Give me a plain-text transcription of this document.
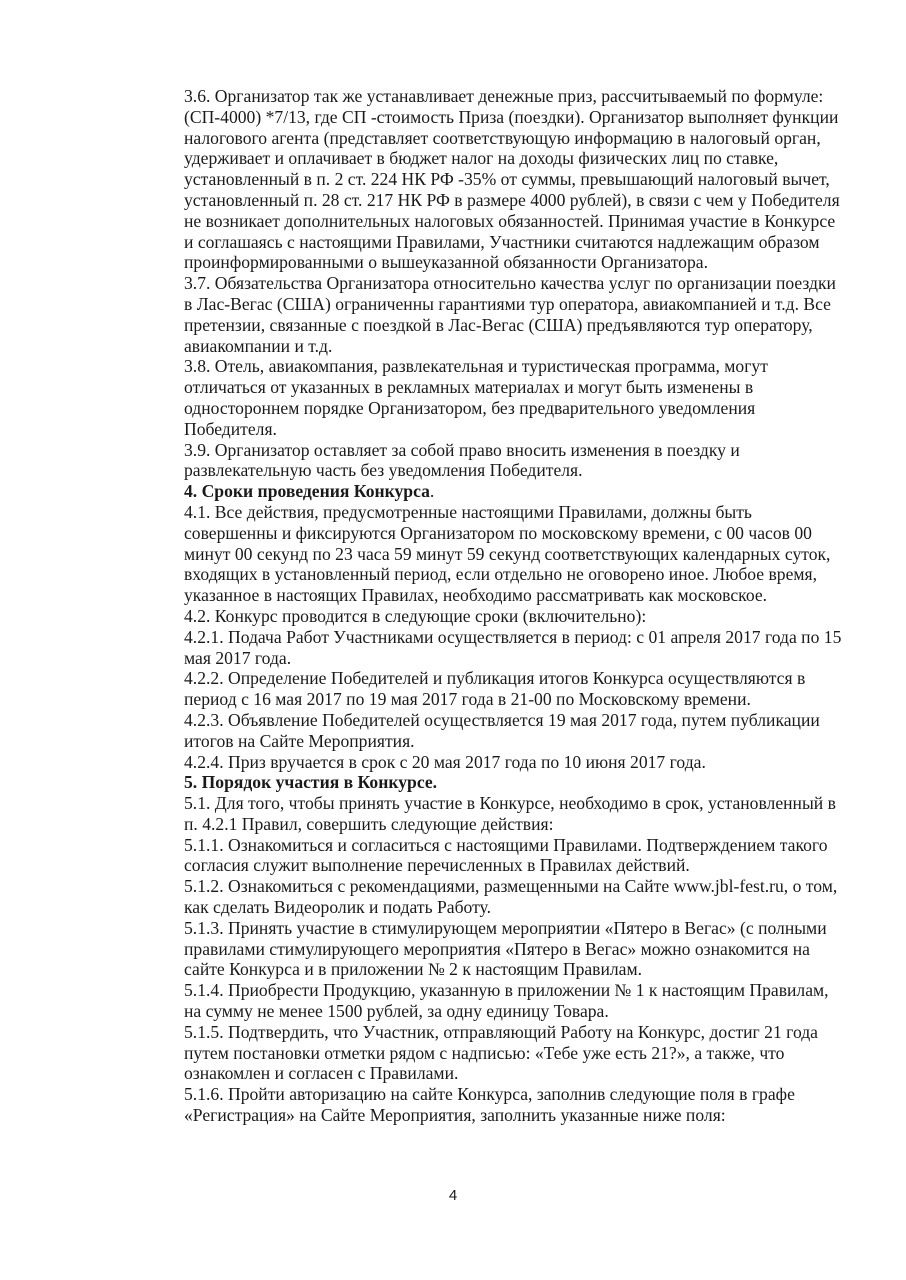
3.6. Организатор так же устанавливает денежные приз, рассчитываемый по формуле: (СП-4000) *7/13, где СП -стоимость Приза (поездки). Организатор выполняет функции налогового агента (представляет соответствующую информацию в налоговый орган, удерживает и оплачивает в бюджет налог на доходы физических лиц по ставке, установленный в п. 2 ст. 224 НК РФ -35% от суммы, превышающий налоговый вычет, установленный п. 28 ст. 217 НК РФ в размере 4000 рублей), в связи с чем у Победителя не возникает дополнительных налоговых обязанностей. Принимая участие в Конкурсе и соглашаясь с настоящими Правилами, Участники считаются надлежащим образом проинформированными о вышеуказанной обязанности Организатора.

3.7. Обязательства Организатора относительно качества услуг по организации поездки в Лас-Вегас (США) ограниченны гарантиями тур оператора, авиакомпанией и т.д. Все претензии, связанные с поездкой в Лас-Вегас (США) предъявляются тур оператору, авиакомпании и т.д.

3.8. Отель, авиакомпания, развлекательная и туристическая программа, могут отличаться от указанных в рекламных материалах и могут быть изменены в одностороннем порядке Организатором, без предварительного уведомления Победителя.

3.9. Организатор оставляет за собой право вносить изменения в поездку и развлекательную часть без уведомления Победителя.

4. Сроки проведения Конкурса.

4.1. Все действия, предусмотренные настоящими Правилами, должны быть совершенны и фиксируются Организатором по московскому времени, с 00 часов 00 минут 00 секунд по 23 часа 59 минут 59 секунд соответствующих календарных суток, входящих в установленный период, если отдельно не оговорено иное. Любое время, указанное в настоящих Правилах, необходимо рассматривать как московское.

4.2. Конкурс проводится в следующие сроки (включительно):

4.2.1. Подача Работ Участниками осуществляется в период: с 01 апреля 2017 года по 15 мая 2017 года.

4.2.2. Определение Победителей и публикация итогов Конкурса осуществляются в период с 16 мая 2017 по 19 мая 2017 года в 21-00 по Московскому времени.

4.2.3. Объявление Победителей осуществляется 19 мая 2017 года, путем публикации итогов на Сайте Мероприятия.

4.2.4. Приз вручается в срок с 20 мая 2017 года по 10 июня 2017 года.

5. Порядок участия в Конкурсе.

5.1. Для того, чтобы принять участие в Конкурсе, необходимо в срок, установленный в п. 4.2.1 Правил, совершить следующие действия:

5.1.1. Ознакомиться и согласиться с настоящими Правилами. Подтверждением такого согласия служит выполнение перечисленных в Правилах действий.

5.1.2. Ознакомиться с рекомендациями, размещенными на Сайте www.jbl-fest.ru, о том, как сделать Видеоролик и подать Работу.

5.1.3. Принять участие в стимулирующем мероприятии «Пятеро в Вегас» (с полными правилами стимулирующего мероприятия «Пятеро в Вегас» можно ознакомится на сайте Конкурса и в приложении № 2 к настоящим Правилам.

5.1.4. Приобрести Продукцию, указанную в приложении № 1 к настоящим Правилам, на сумму не менее 1500 рублей, за одну единицу Товара.

5.1.5. Подтвердить, что Участник, отправляющий Работу на Конкурс, достиг 21 года путем постановки отметки рядом с надписью: «Тебе уже есть 21?», а также, что ознакомлен и согласен с Правилами.

5.1.6. Пройти авторизацию на сайте Конкурса, заполнив следующие поля в графе «Регистрация» на Сайте Мероприятия, заполнить указанные ниже поля:

4
